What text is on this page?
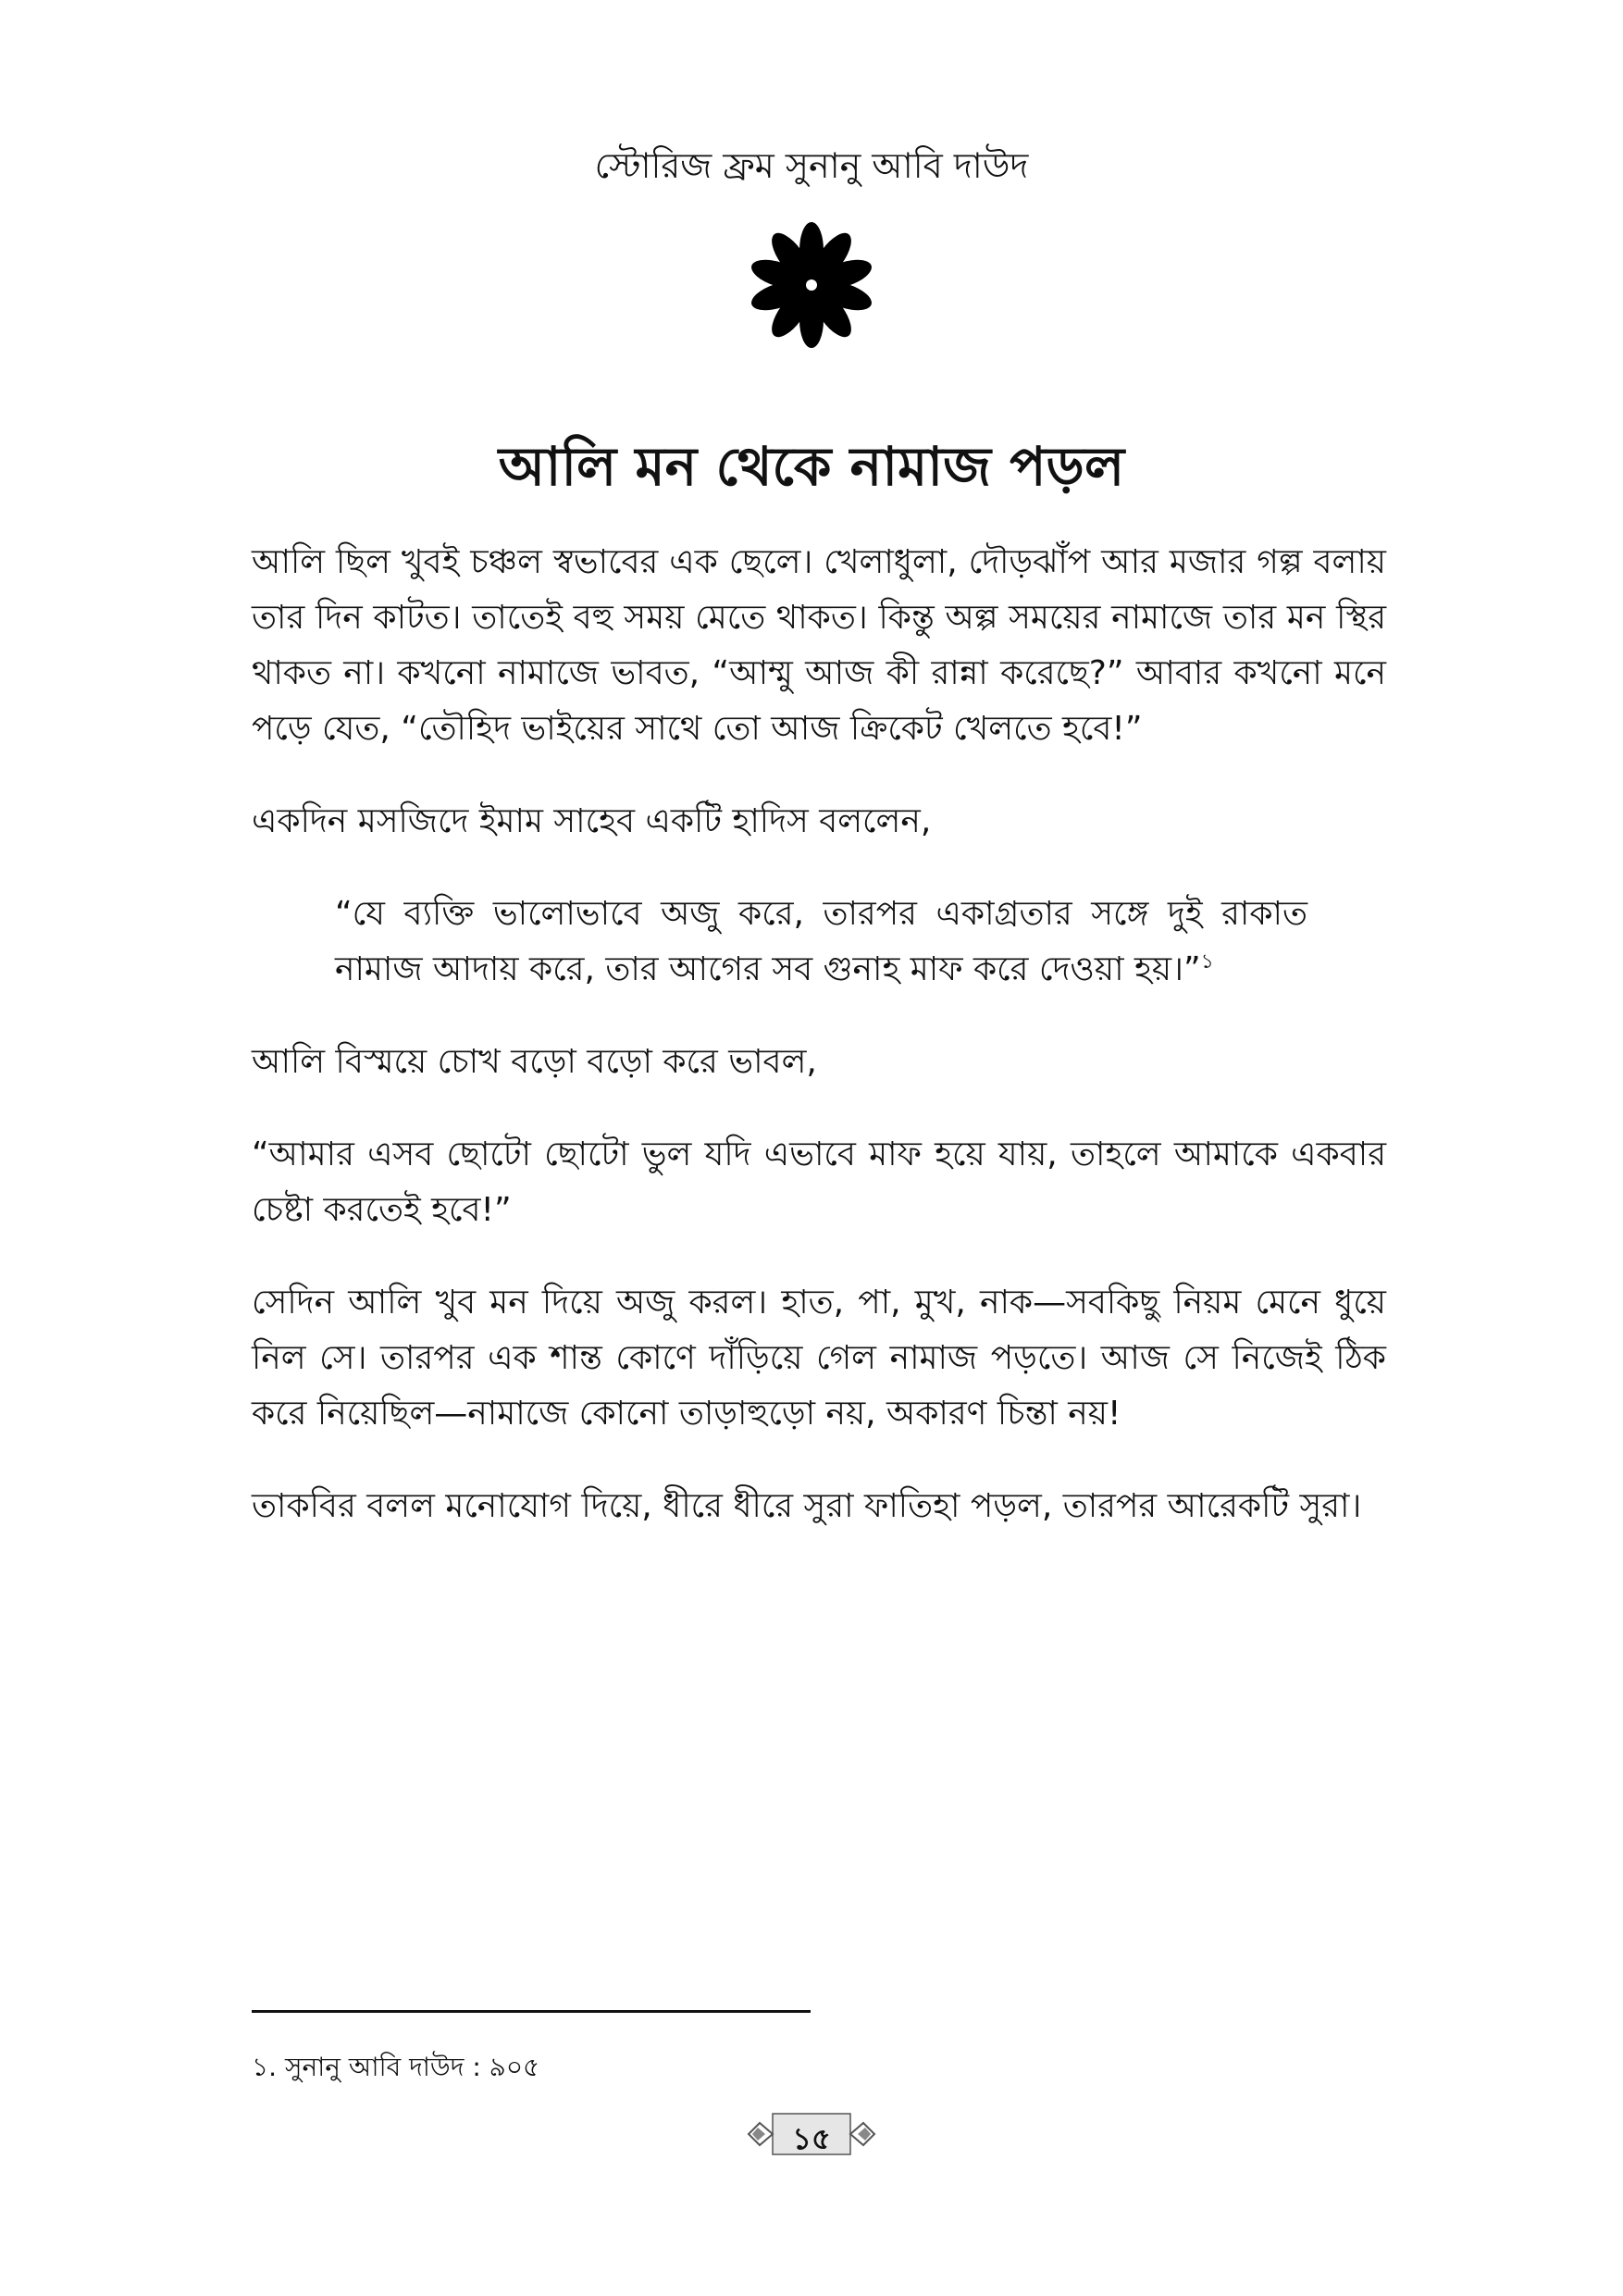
স্টোরিজ ফ্রম সুনানু আবি দাউদ
আলি মন থেকে নামাজ পড়ল

আলি ছিল খুবই চঞ্চল স্বভাবের এক ছেলে। খেলাধুলা, দৌড়ঝাঁপ আর মজার গল্প বলায় তার দিন কাটত। তাতেই বহু সময় মেতে থাকত। কিন্তু অল্প সময়ের নামাজে তার মন স্থির থাকত না। কখনো নামাজে ভাবত, “আম্মু আজ কী রান্না করেছে?” আবার কখনো মনে পড়ে যেত, “তৌহিদ ভাইয়ের সাথে তো আজ ক্রিকেট খেলতে হবে!”

একদিন মসজিদে ইমাম সাহেব একটি হাদিস বললেন,

“যে ব্যক্তি ভালোভাবে অজু করে, তারপর একাগ্রতার সঙ্গে দুই রাকাত নামাজ আদায় করে, তার আগের সব গুনাহ মাফ করে দেওয়া হয়।”$^১$

আলি বিস্ময়ে চোখ বড়ো বড়ো করে ভাবল,

“আমার এসব ছোটো ছোটো ভুল যদি এভাবে মাফ হয়ে যায়, তাহলে আমাকে একবার চেষ্টা করতেই হবে!”

সেদিন আলি খুব মন দিয়ে অজু করল। হাত, পা, মুখ, নাক—সবকিছু নিয়ম মেনে ধুয়ে নিল সে। তারপর এক শান্ত কোণে দাঁড়িয়ে গেল নামাজ পড়তে। আজ সে নিজেই ঠিক করে নিয়েছিল—নামাজে কোনো তাড়াহুড়ো নয়, অকারণ চিন্তা নয়!

তাকবির বলল মনোযোগ দিয়ে, ধীরে ধীরে সুরা ফাতিহা পড়ল, তারপর আরেকটি সুরা।

১. সুনানু আবি দাউদ : ৯০৫
১৫
